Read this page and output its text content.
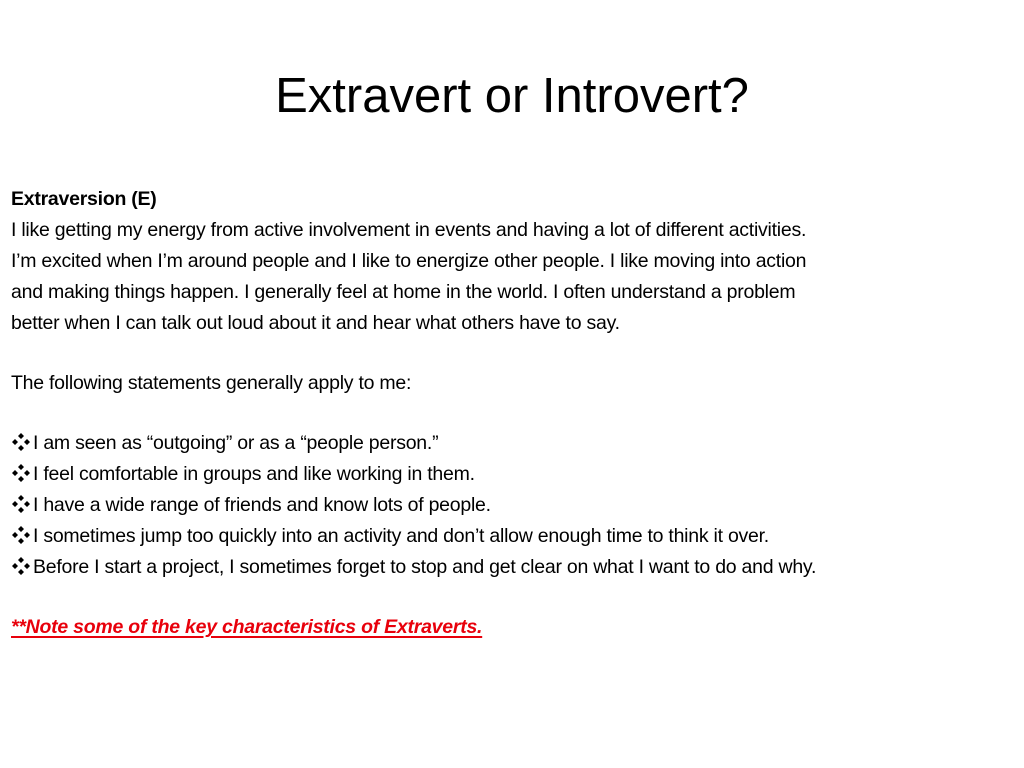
Extravert or Introvert?
Extraversion (E)
I like getting my energy from active involvement in events and having a lot of different activities.
I’m excited when I’m around people and I like to energize other people. I like moving into action
and making things happen. I generally feel at home in the world. I often understand a problem
better when I can talk out loud about it and hear what others have to say.
The following statements generally apply to me:
I am seen as “outgoing” or as a “people person.”
I feel comfortable in groups and like working in them.
I have a wide range of friends and know lots of people.
I sometimes jump too quickly into an activity and don’t allow enough time to think it over.
Before I start a project, I sometimes forget to stop and get clear on what I want to do and why.
**Note some of the key characteristics of Extraverts.
